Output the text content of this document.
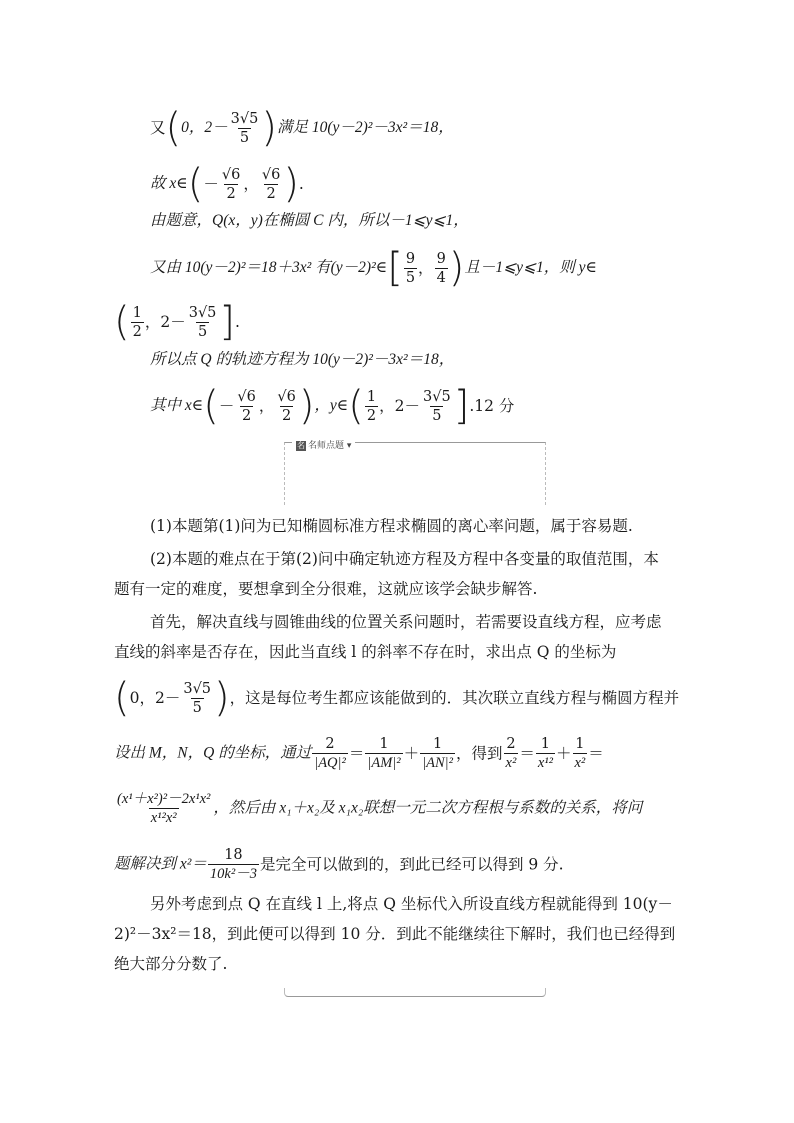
又(0，$2- \frac{3√5}{5}$ )满足 10(y－2)²－3x²＝18，
故 x∈(－ $\frac{√6}{2}$ ， $\frac{√6}{2}$ ).
由题意，Q(x，y)在椭圆 C 内，所以－1⩽y⩽1，
又由 10(y－2)²＝18＋3x² 有(y－2)²∈[ $\frac{9}{5}$ ， $\frac{9}{4}$ )且－1⩽y⩽1，则 y∈
( $\frac{1}{2}$ ，$2- \frac{3√5}{5}$ ].
所以点 Q 的轨迹方程为 10(y－2)²－3x²＝18，
其中 x∈(－ $\frac{√6}{2}$ ， $\frac{√6}{2}$ )，y∈( $\frac{1}{2}$ ，$2- \frac{3√5}{5} ].12$ 分
名 名师点题 ▾
(1)本题第(1)问为已知椭圆标准方程求椭圆的离心率问题，属于容易题.
(2)本题的难点在于第(2)问中确定轨迹方程及方程中各变量的取值范围，本
题有一定的难度，要想拿到全分很难，这就应该学会缺步解答.
首先，解决直线与圆锥曲线的位置关系问题时，若需要设直线方程，应考虑
直线的斜率是否存在，因此当直线 l 的斜率不存在时，求出点 Q 的坐标为
(0，$2- \frac{3√5}{5}$ )，这是每位考生都应该能做到的．其次联立直线方程与椭圆方程并
设出 M，N，Q 的坐标，通过 $\frac{2}{\text{|AQ|²}} = \frac{1}{\text{|AM|²}} + \frac{1}{\text{|AN|²}}$ ，得到 $\frac{2}{\text{x²}} = \frac{1}{\text{x¹²}} + \frac{1}{\text{x²}}$ ＝
$\frac{\text{(x¹＋x²)²－2x¹x²}}{\text{x¹²x²}}$ ，然后由 x₁＋x₂及 x₁x₂联想一元二次方程根与系数的关系，将问
题解决到 $x^2= \frac{18}{\text{10k²－3}}$ 是完全可以做到的，到此已经可以得到 9 分.
另外考虑到点 Q 在直线 l 上,将点 Q 坐标代入所设直线方程就能得到 10(y－
2)²－3x²＝18，到此便可以得到 10 分．到此不能继续往下解时，我们也已经得到
绝大部分分数了.
